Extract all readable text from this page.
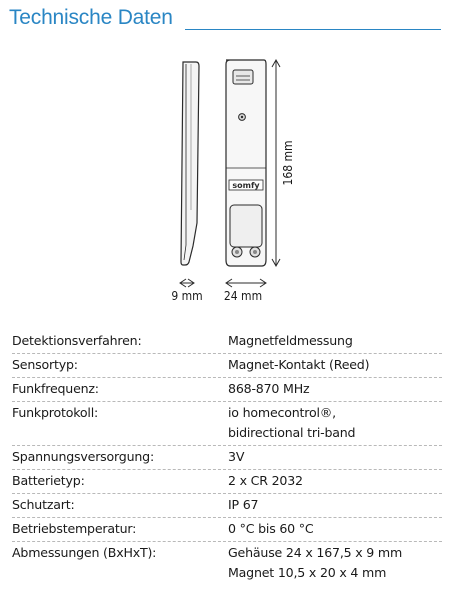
Technische Daten
somfy 168 mm
9 mm 24 mm
Detektionsverfahren:	Magnetfeldmessung
Sensortyp:	Magnet-Kontakt (Reed)
Funkfrequenz:	868-870 MHz
Funkprotokoll:	io homecontrol®,
bidirectional tri-band
Spannungsversorgung:	3V
Batterietyp:	2 x CR 2032
Schutzart:	IP 67
Betriebstemperatur:	0 °C bis 60 °C
Abmessungen (BxHxT):	Gehäuse 24 x 167,5 x 9 mm
Magnet 10,5 x 20 x 4 mm
